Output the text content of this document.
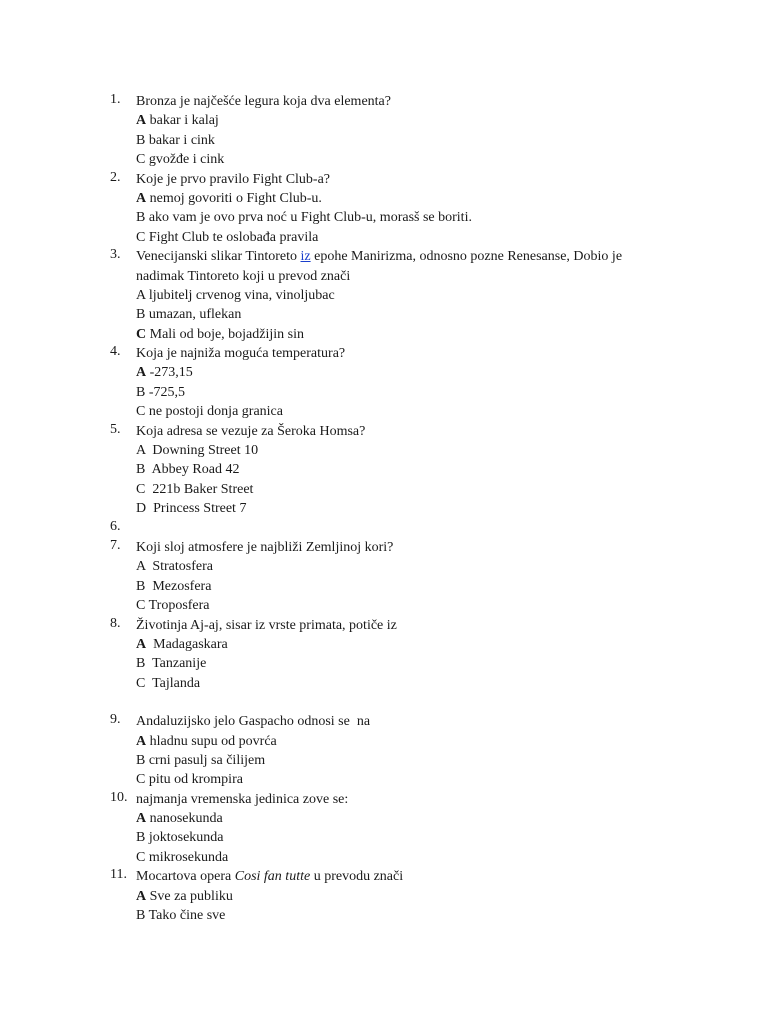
1. Bronza je najčešće legura koja dva elementa?
A bakar i kalaj
B bakar i cink
C gvožđe i cink
2. Koje je prvo pravilo Fight Club-a?
A nemoj govoriti o Fight Club-u.
B ako vam je ovo prva noć u Fight Club-u, morasš se boriti.
C Fight Club te oslobađa pravila
3. Venecijanski slikar Tintoreto iz epohe Manirizma, odnosno pozne Renesanse, Dobio je
nadimak Tintoreto koji u prevod znači
A ljubitelj crvenog vina, vinoljubac
B umazan, uflekan
C Mali od boje, bojadžijin sin
4. Koja je najniža moguća temperatura?
A -273,15
B -725,5
C ne postoji donja granica
5. Koja adresa se vezuje za Šeroka Homsa?
A  Downing Street 10
B  Abbey Road 42
C  221b Baker Street
D  Princess Street 7
6.
7. Koji sloj atmosfere je najbliži Zemljinoj kori?
A  Stratosfera
B  Mezosfera
C Troposfera
8. Životinja Aj-aj, sisar iz vrste primata, potiče iz
A  Madagaskara
B  Tanzanije
C  Tajlanda
9. Andaluzijsko jelo Gaspacho odnosi se  na
A hladnu supu od povrća
B crni pasulj sa čilijem
C pitu od krompira
10. najmanja vremenska jedinica zove se:
A nanosekunda
B joktosekunda
C mikrosekunda
11. Mocartova opera Cosi fan tutte u prevodu znači
A Sve za publiku
B Tako čine sve
